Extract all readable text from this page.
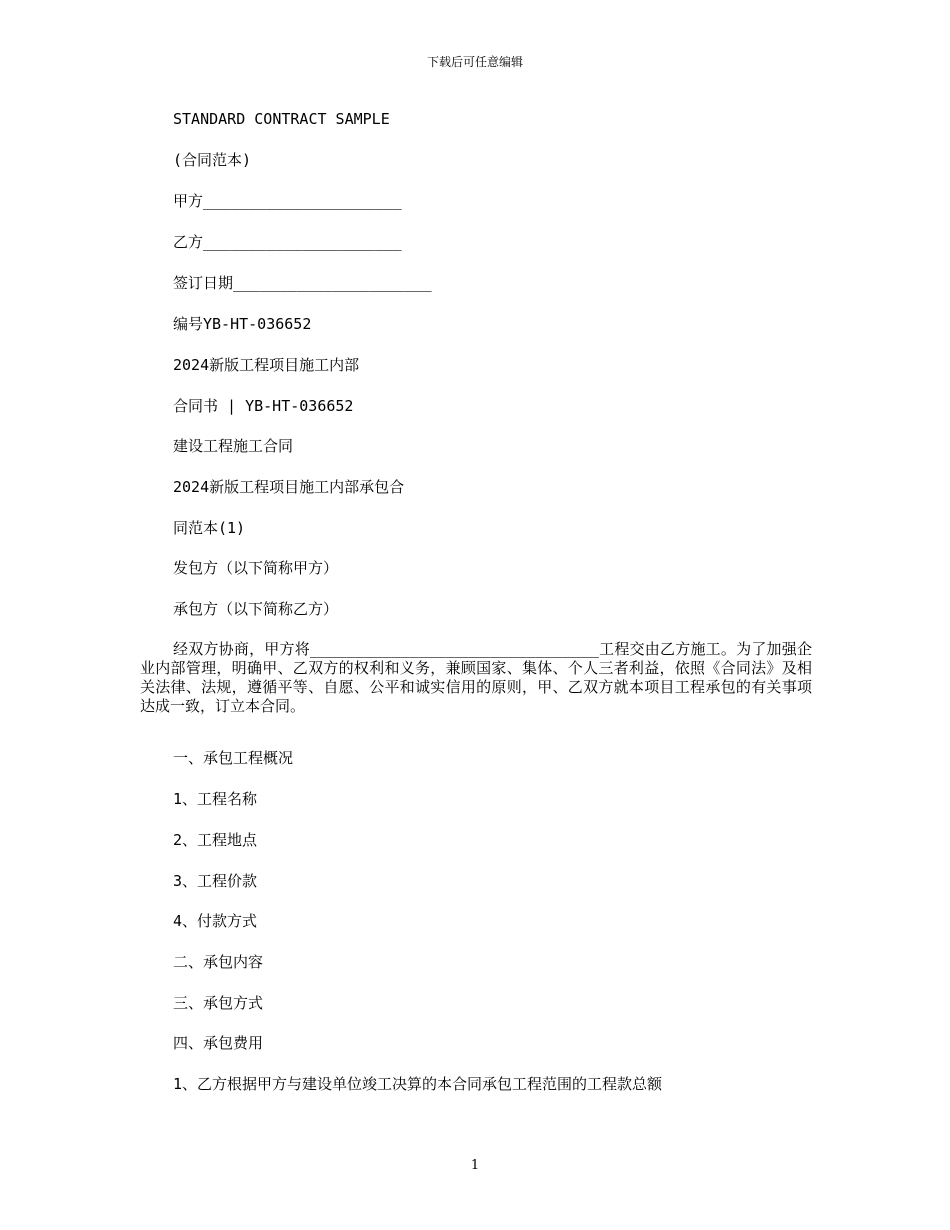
下载后可任意编辑
STANDARD CONTRACT SAMPLE
(合同范本)
甲方______________________
乙方______________________
签订日期______________________
编号YB-HT-036652
2024新版工程项目施工内部
合同书 | YB-HT-036652
建设工程施工合同
2024新版工程项目施工内部承包合
同范本(1)
发包方（以下简称甲方）
承包方（以下简称乙方）
经双方协商，甲方将________________________________工程交由乙方施工。为了加强企业内部管理，明确甲、乙双方的权利和义务，兼顾国家、集体、个人三者利益，依照《合同法》及相关法律、法规，遵循平等、自愿、公平和诚实信用的原则，甲、乙双方就本项目工程承包的有关事项达成一致，订立本合同。
一、承包工程概况
1、工程名称
2、工程地点
3、工程价款
4、付款方式
二、承包内容
三、承包方式
四、承包费用
1、乙方根据甲方与建设单位竣工决算的本合同承包工程范围的工程款总额
1
